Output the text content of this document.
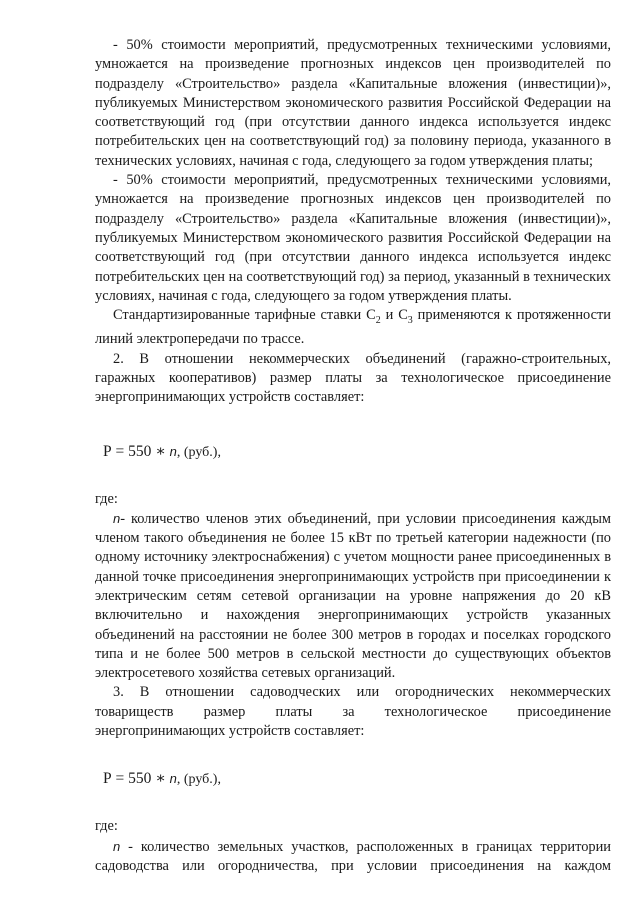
- 50% стоимости мероприятий, предусмотренных техническими условиями, умножается на произведение прогнозных индексов цен производителей по подразделу «Строительство» раздела «Капитальные вложения (инвестиции)», публикуемых Министерством экономического развития Российской Федерации на соответствующий год (при отсутствии данного индекса используется индекс потребительских цен на соответствующий год) за половину периода, указанного в технических условиях, начиная с года, следующего за годом утверждения платы;

- 50% стоимости мероприятий, предусмотренных техническими условиями, умножается на произведение прогнозных индексов цен производителей по подразделу «Строительство» раздела «Капитальные вложения (инвестиции)», публикуемых Министерством экономического развития Российской Федерации на соответствующий год (при отсутствии данного индекса используется индекс потребительских цен на соответствующий год) за период, указанный в технических условиях, начиная с года, следующего за годом утверждения платы.

Стандартизированные тарифные ставки $С_2$ и $С_3$ применяются к протяженности линий электропередачи по трассе.

2. В отношении некоммерческих объединений (гаражно-строительных, гаражных кооперативов) размер платы за технологическое присоединение энергопринимающих устройств составляет:

Р = 550 ∗ n, (руб.),

где:

n- количество членов этих объединений, при условии присоединения каждым членом такого объединения не более 15 кВт по третьей категории надежности (по одному источнику электроснабжения) с учетом мощности ранее присоединенных в данной точке присоединения энергопринимающих устройств при присоединении к электрическим сетям сетевой организации на уровне напряжения до 20 кВ включительно и нахождения энергопринимающих устройств указанных объединений на расстоянии не более 300 метров в городах и поселках городского типа и не более 500 метров в сельской местности до существующих объектов электросетевого хозяйства сетевых организаций.

3. В отношении садоводческих или огороднических некоммерческих товариществ размер платы за технологическое присоединение энергопринимающих устройств составляет:

Р = 550 ∗ n, (руб.),

где:

n - количество земельных участков, расположенных в границах территории садоводства или огородничества, при условии присоединения на каждом
